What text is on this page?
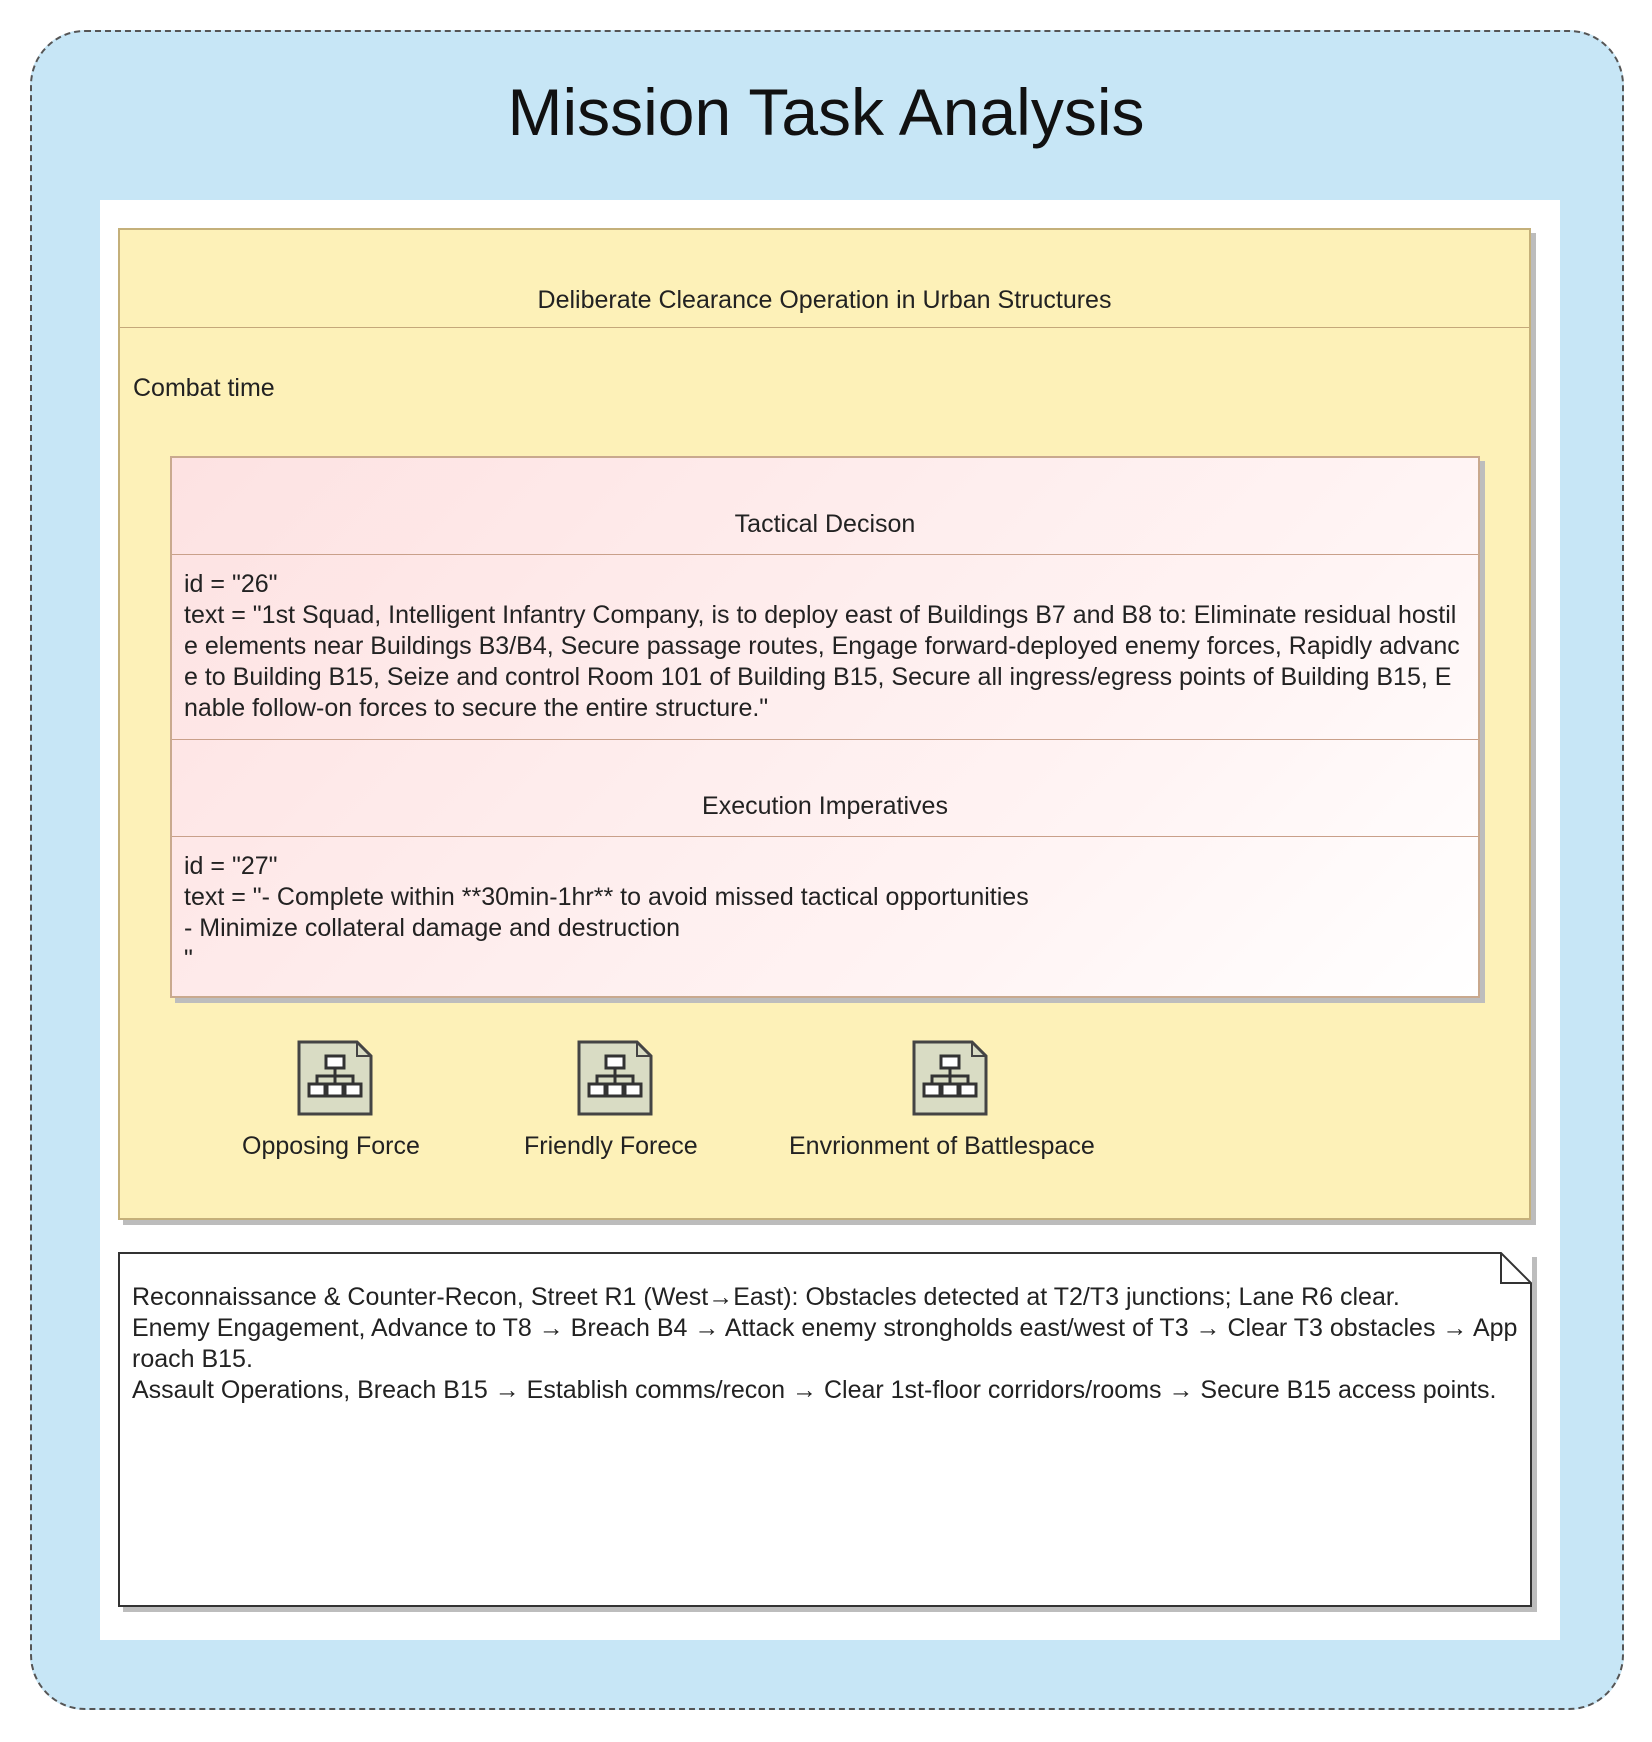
Mission Task Analysis
Deliberate Clearance Operation in Urban Structures
Combat time
Tactical Decison
id = "26"
text = "1st Squad, Intelligent Infantry Company, is to deploy east of Buildings B7 and B8 to: Eliminate residual hostile elements near Buildings B3/B4, Secure passage routes, Engage forward-deployed enemy forces, Rapidly advance to Building B15, Seize and control Room 101 of Building B15, Secure all ingress/egress points of Building B15, Enable follow-on forces to secure the entire structure."
Execution Imperatives
id = "27"
text = "- Complete within **30min-1hr** to avoid missed tactical opportunities
- Minimize collateral damage and destruction
"
Opposing Force	Friendly Forece	Envrionment of Battlespace
Reconnaissance & Counter-Recon, Street R1 (West→East): Obstacles detected at T2/T3 junctions; Lane R6 clear.
Enemy Engagement, Advance to T8 → Breach B4 → Attack enemy strongholds east/west of T3 → Clear T3 obstacles → Approach B15.
Assault Operations, Breach B15 → Establish comms/recon → Clear 1st-floor corridors/rooms → Secure B15 access points.
